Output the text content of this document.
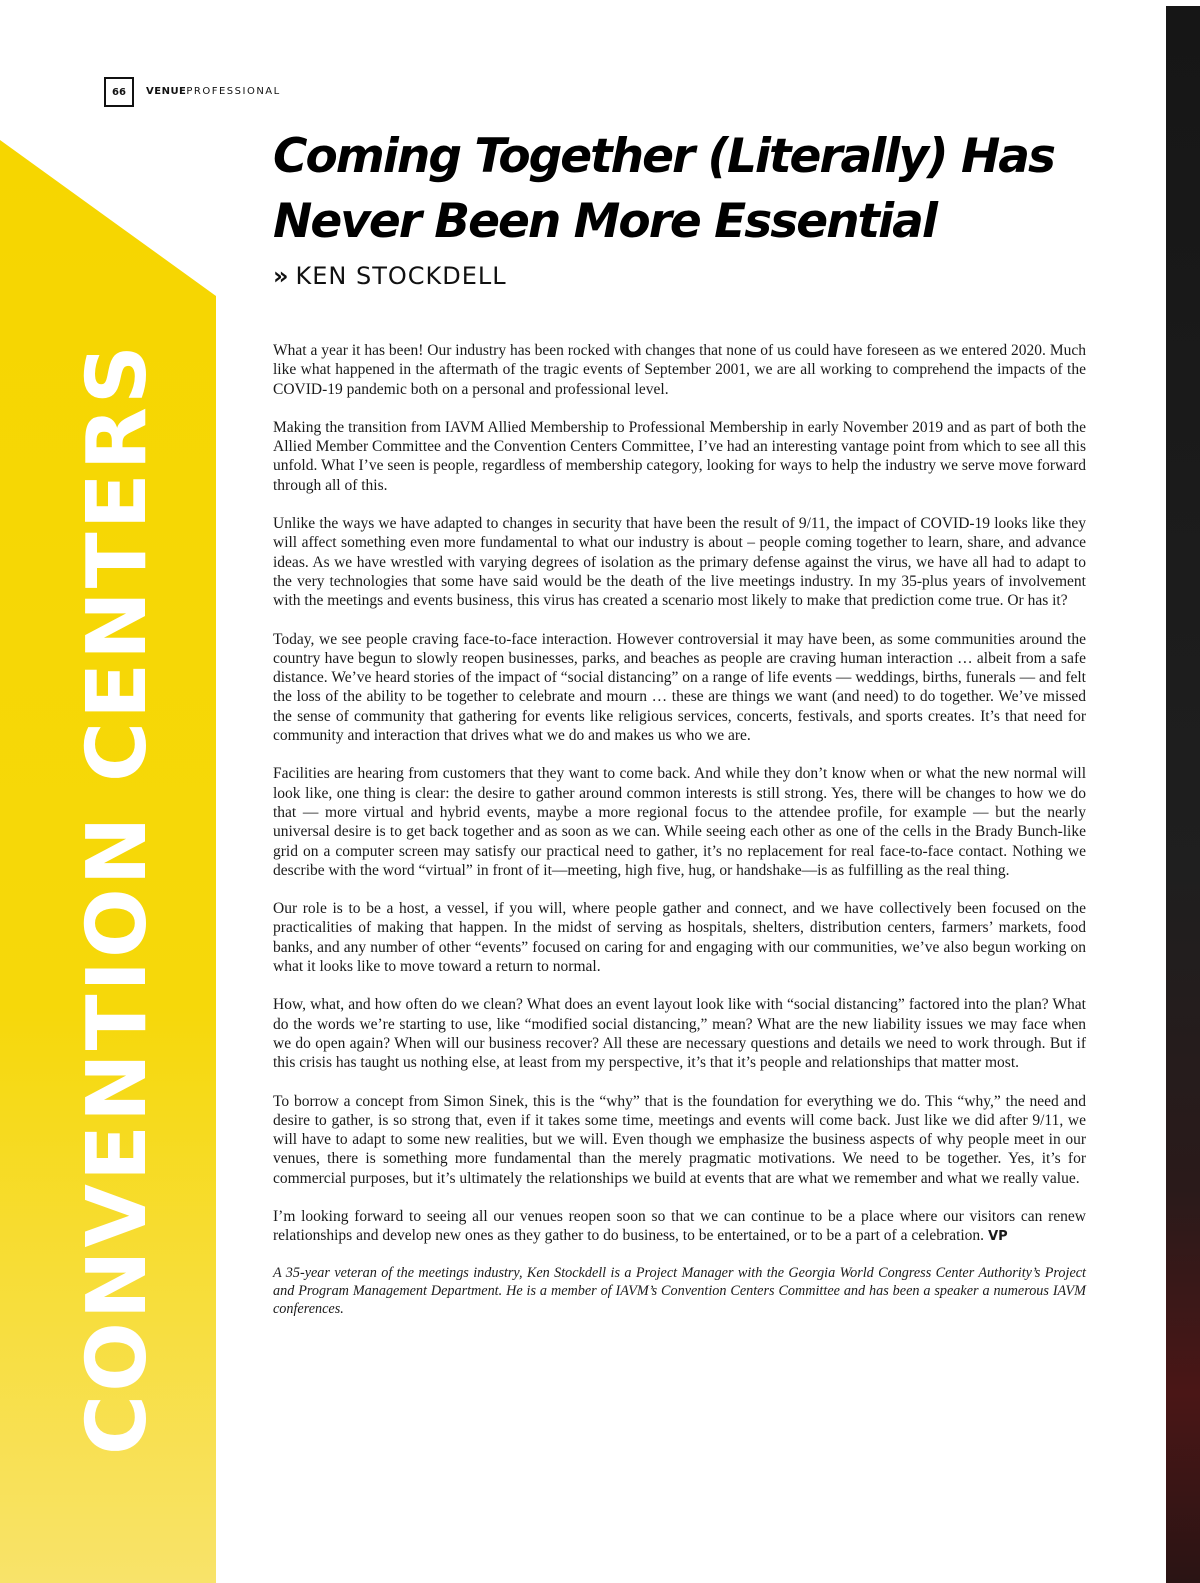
CONVENTION CENTERS
66	VENUEPROFESSIONAL
Coming Together (Literally) Has
Never Been More Essential
» KEN STOCKDELL

What a year it has been! Our industry has been rocked with changes that none of us could have foreseen as we entered 2020. Much like what happened in the aftermath of the tragic events of September 2001, we are all working to comprehend the impacts of the COVID-19 pandemic both on a personal and professional level.

Making the transition from IAVM Allied Membership to Professional Membership in early November 2019 and as part of both the Allied Member Committee and the Convention Centers Committee, I’ve had an interesting vantage point from which to see all this unfold. What I’ve seen is people, regardless of membership category, looking for ways to help the industry we serve move forward through all of this.

Unlike the ways we have adapted to changes in security that have been the result of 9/11, the impact of COVID-19 looks like they will affect something even more fundamental to what our industry is about – people coming together to learn, share, and advance ideas. As we have wrestled with varying degrees of isolation as the primary defense against the virus, we have all had to adapt to the very technologies that some have said would be the death of the live meetings industry. In my 35-plus years of involvement with the meetings and events business, this virus has created a scenario most likely to make that prediction come true. Or has it?

Today, we see people craving face-to-face interaction. However controversial it may have been, as some communities around the country have begun to slowly reopen businesses, parks, and beaches as people are craving human interaction … albeit from a safe distance. We’ve heard stories of the impact of “social distancing” on a range of life events — weddings, births, funerals — and felt the loss of the ability to be together to celebrate and mourn … these are things we want (and need) to do together. We’ve missed the sense of community that gathering for events like religious services, concerts, festivals, and sports creates. It’s that need for community and interaction that drives what we do and makes us who we are.

Facilities are hearing from customers that they want to come back. And while they don’t know when or what the new normal will look like, one thing is clear: the desire to gather around common interests is still strong. Yes, there will be changes to how we do that — more virtual and hybrid events, maybe a more regional focus to the attendee profile, for example — but the nearly universal desire is to get back together and as soon as we can. While seeing each other as one of the cells in the Brady Bunch-like grid on a computer screen may satisfy our practical need to gather, it’s no replacement for real face-to-face contact. Nothing we describe with the word “virtual” in front of it—meeting, high five, hug, or handshake—is as fulfilling as the real thing.

Our role is to be a host, a vessel, if you will, where people gather and connect, and we have collectively been focused on the practicalities of making that happen. In the midst of serving as hospitals, shelters, distribution centers, farmers’ markets, food banks, and any number of other “events” focused on caring for and engaging with our communities, we’ve also begun working on what it looks like to move toward a return to normal.

How, what, and how often do we clean? What does an event layout look like with “social distancing” factored into the plan? What do the words we’re starting to use, like “modified social distancing,” mean? What are the new liability issues we may face when we do open again? When will our business recover? All these are necessary questions and details we need to work through. But if this crisis has taught us nothing else, at least from my perspective, it’s that it’s people and relationships that matter most.

To borrow a concept from Simon Sinek, this is the “why” that is the foundation for everything we do. This “why,” the need and desire to gather, is so strong that, even if it takes some time, meetings and events will come back. Just like we did after 9/11, we will have to adapt to some new realities, but we will. Even though we emphasize the business aspects of why people meet in our venues, there is something more fundamental than the merely pragmatic motivations. We need to be together. Yes, it’s for commercial purposes, but it’s ultimately the relationships we build at events that are what we remember and what we really value.

I’m looking forward to seeing all our venues reopen soon so that we can continue to be a place where our visitors can renew relationships and develop new ones as they gather to do business, to be entertained, or to be a part of a celebration. VP

A 35-year veteran of the meetings industry, Ken Stockdell is a Project Manager with the Georgia World Congress Center Authority’s Project and Program Management Department. He is a member of IAVM’s Convention Centers Committee and has been a speaker a numerous IAVM conferences.
